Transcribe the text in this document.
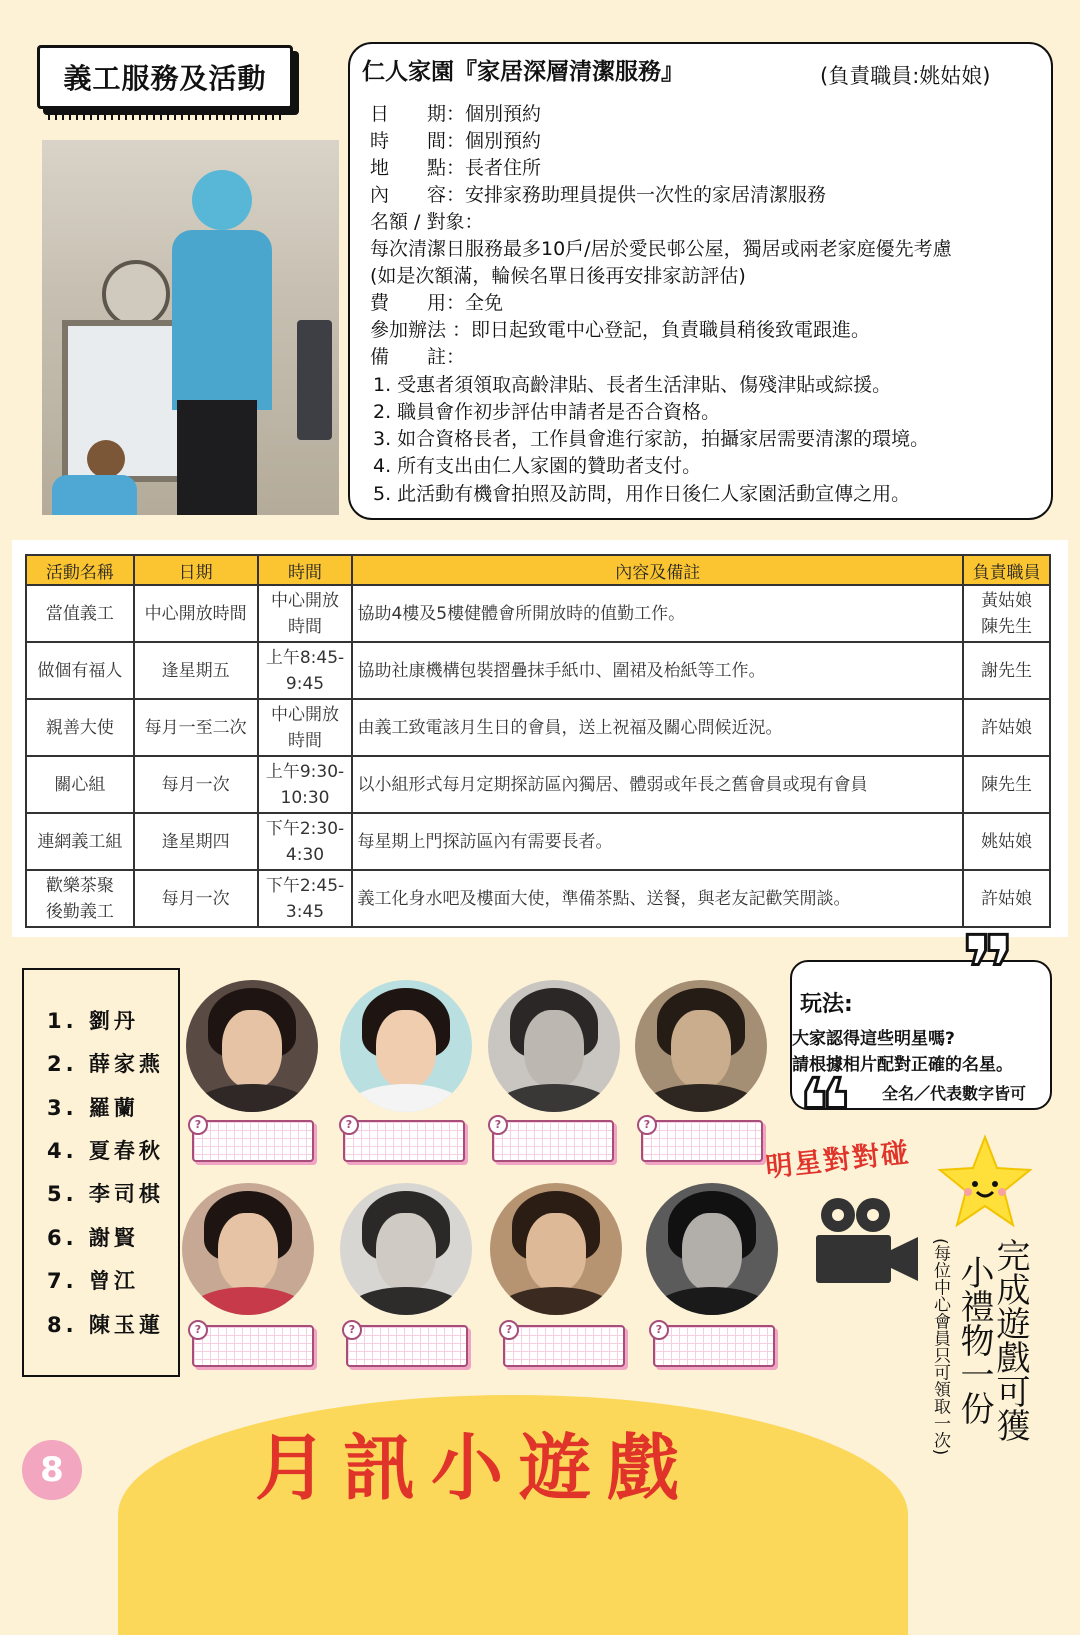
義工服務及活動	仁人家園『家居深層清潔服務』	(負責職員:姚姑娘)
日　　期：個別預約
時　　間：個別預約
地　　點：長者住所
內　　容：安排家務助理員提供一次性的家居清潔服務
名額 / 對象：
每次清潔日服務最多10戶/居於愛民邨公屋，獨居或兩老家庭優先考慮
(如是次額滿，輪候名單日後再安排家訪評估)
費　　用：全免
參加辦法 ：即日起致電中心登記，負責職員稍後致電跟進。
備　　註：
1. 受惠者須領取高齡津貼、長者生活津貼、傷殘津貼或綜援。
2. 職員會作初步評估申請者是否合資格。
3. 如合資格長者，工作員會進行家訪，拍攝家居需要清潔的環境。
4. 所有支出由仁人家園的贊助者支付。
5. 此活動有機會拍照及訪問，用作日後仁人家園活動宣傳之用。
活動名稱	日期	時間	內容及備註	負責職員
當值義工	中心開放時間	中心開放
時間	協助4樓及5樓健體會所開放時的值勤工作。	黃姑娘
陳先生
做個有福人	逢星期五	上午8:45-
9:45	協助社康機構包裝摺疊抹手紙巾、圍裙及枱紙等工作。	謝先生
親善大使	每月一至二次	中心開放
時間	由義工致電該月生日的會員，送上祝福及關心問候近況。	許姑娘
關心組	每月一次	上午9:30-
10:30	以小組形式每月定期探訪區內獨居、體弱或年長之舊會員或現有會員	陳先生
連網義工組	逢星期四	下午2:30-
4:30	每星期上門探訪區內有需要長者。	姚姑娘
歡樂茶聚
後勤義工	每月一次	下午2:45-
3:45	義工化身水吧及樓面大使，準備茶點、送餐，與老友記歡笑閒談。	許姑娘
1. 劉丹
2. 薛家燕
3. 羅蘭
4. 夏春秋
5. 李司棋
6. 謝賢
7. 曾江
8. 陳玉蓮
?	?	?	?
?	?	?	?
❞
❝
玩法:
大家認得這些明星嗎?
請根據相片配對正確的名星。
全名／代表數字皆可
明星對對碰
完成遊戲可獲
小禮物一份
(每位中心會員只可領取一次)
月訊小遊戲
8
